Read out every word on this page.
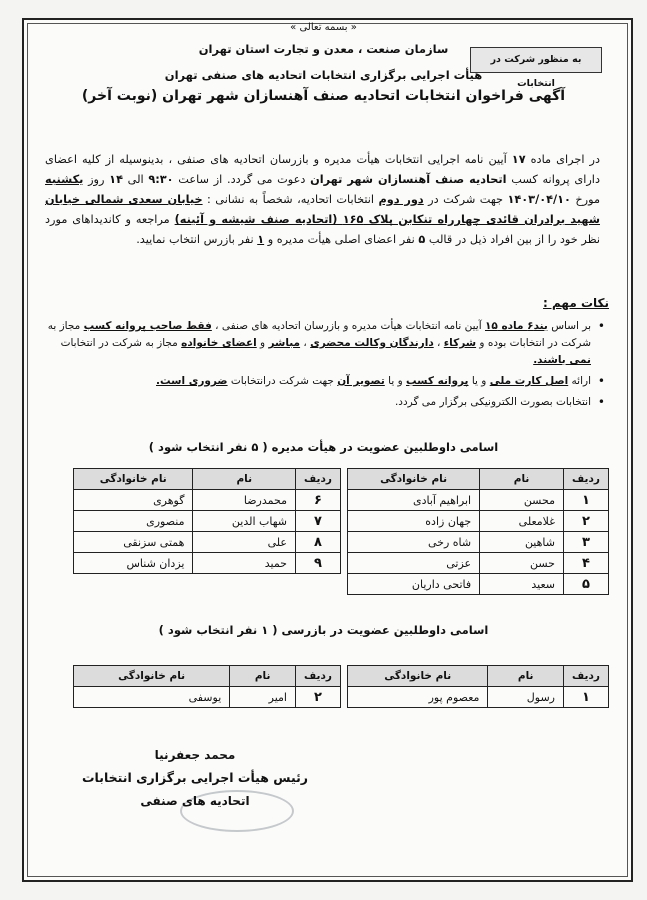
« بسمه تعالی »
سازمان صنعت ، معدن و تجارت استان تهران
به منظور شرکت در انتخابات
هیأت اجرایی برگزاری انتخابات اتحادیه های صنفی تهران
آگهی فراخوان انتخابات اتحادیه صنف آهنسازان شهر تهران (نوبت آخر)
در اجرای ماده ۱۷ آیین نامه اجرایی انتخابات هیأت مدیره و بازرسان اتحادیه های صنفی ، بدینوسیله از کلیه اعضای دارای پروانه کسب اتحادیه صنف آهنسازان شهر تهران دعوت می گردد. از ساعت ۹:۳۰ الی ۱۴ روز یکشنبه مورخ ۱۴۰۳/۰۴/۱۰ جهت شرکت در دور دوم انتخابات اتحادیه، شخصاً به نشانی : خیابان سعدی شمالی خیابان شهید برادران قائدی چهارراه تنکابن پلاک ۱۶۵ (اتحادیه صنف شیشه و آئینه) مراجعه و کاندیداهای مورد نظر خود را از بین افراد ذیل در قالب ۵ نفر اعضای اصلی هیأت مدیره و ۱ نفر بازرس انتخاب نمایید.
نکات مهم :
• بر اساس بند۶ ماده ۱۵ آیین نامه انتخابات هیأت مدیره و بازرسان اتحادیه های صنفی ، فقط صاحب پروانه کسب مجاز به شرکت در انتخابات بوده و شرکاء ، دارندگان وکالت محضری ، مباشر و اعضای خانواده مجاز به شرکت در انتخابات نمی باشند.
• ارائه اصل کارت ملی و یا پروانه کسب و یا تصویر آن جهت شرکت درانتخابات ضروری است.
• انتخابات بصورت الکترونیکی برگزار می گردد.
اسامی داوطلبین عضویت در هیأت مدیره ( ۵ نفر انتخاب شود )
ردیف	نام	نام خانوادگی
۱	محسن	ابراهیم آبادی
۲	غلامعلی	جهان زاده
۳	شاهین	شاه رخی
۴	حسن	عزتی
۵	سعید	فاتحی داریان
ردیف	نام	نام خانوادگی
۶	محمدرضا	گوهری
۷	شهاب الدین	منصوری
۸	علی	همتی سزنقی
۹	حمید	یزدان شناس
اسامی داوطلبین عضویت در بازرسی ( ۱ نفر انتخاب شود )
ردیف	نام	نام خانوادگی
۱	رسول	معصوم پور
ردیف	نام	نام خانوادگی
۲	امیر	یوسفی
محمد جعفرنیا
رئیس هیأت اجرایی برگزاری انتخابات
اتحادیه های صنفی
